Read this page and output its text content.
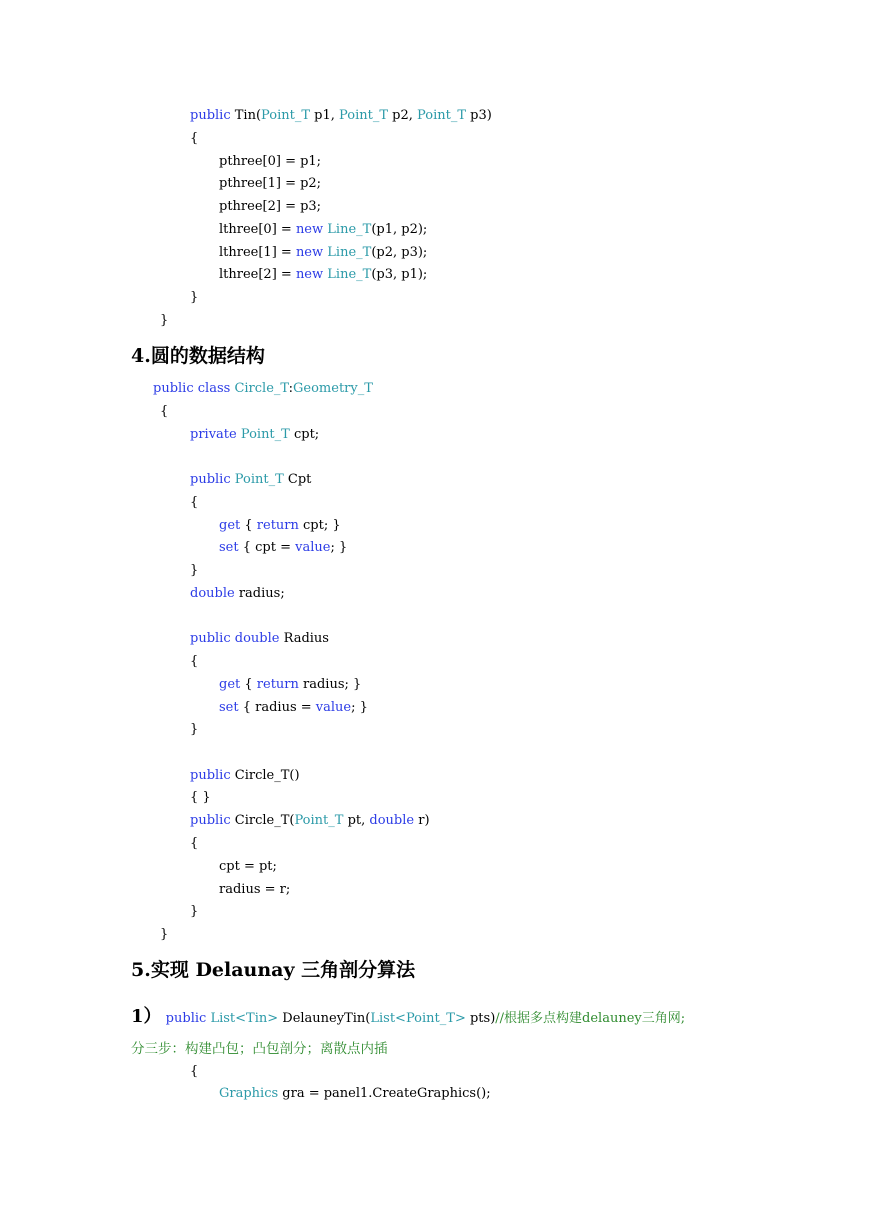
public Tin(Point_T p1, Point_T p2, Point_T p3)
{
pthree[0] = p1;
pthree[1] = p2;
pthree[2] = p3;
lthree[0] = new Line_T(p1, p2);
lthree[1] = new Line_T(p2, p3);
lthree[2] = new Line_T(p3, p1);
}
}
4.圆的数据结构
public class Circle_T:Geometry_T
{
private Point_T cpt;
public Point_T Cpt
{
get { return cpt; }
set { cpt = value; }
}
double radius;
public double Radius
{
get { return radius; }
set { radius = value; }
}
public Circle_T()
{ }
public Circle_T(Point_T pt, double r)
{
cpt = pt;
radius = r;
}
}
5.实现 Delaunay 三角剖分算法
1） public List<Tin> DelauneyTin(List<Point_T> pts)//根据多点构建delauney三角网;
分三步：构建凸包；凸包剖分；离散点内插
{
Graphics gra = panel1.CreateGraphics();
